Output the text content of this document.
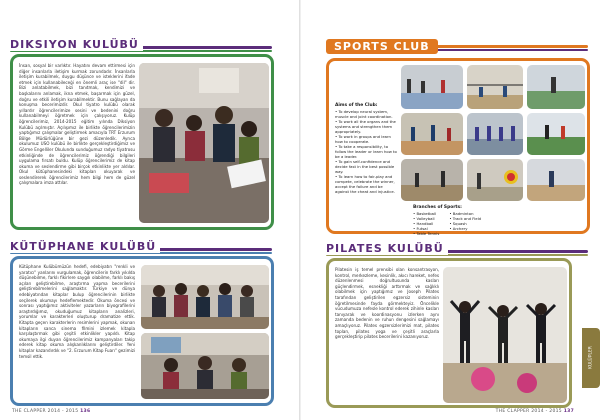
DIKSIYON KULÜBÜ
İnsan, sosyal bir varlıktır. Hayatını devam ettirmesi için diğer insanlarla iletişim kurmak zorundadır. İnsanlarla iletişim kurabilmek, duygu düşünce ve isteklerini ifade etmek için kullanabileceği en önemli araç ise "dil" dir. Bizi anlatabilmek, bizi tanıtmak, kendimizi ve başkalarını anlamak, ikna etmek, başarmak için güzel, doğru ve etkili iletişim kurabilmektir. Bunu sağlayan da konuşma becerimizdir. Okul tiyatro kulübü olarak yıllardır öğrencilerimize sesini ve bedenini doğru kullanabilmeyi öğretmek için çalışıyoruz. Kulüp öğrencilerimiz, 2014-2015 eğitim yılında Diksiyon Kulübü açılmıştır. Açılışımız ile birlikte öğrencilerimizin yaptığımız çalışmalar geliştirmek amacıyla TRT Erzurum Bölge Müdürlüğüne bir gezi düzenledik. Ayrıca okulumuz USO kulübü ile birlikte gerçekleştirdiğimiz ve Görme Engelliler Okulunda sunduğumuz radyo tiyatrosu etkinliğinde de öğrencilerimiz öğrendiği bilgileri uygulama fırsatı buldu. Kulüp öğrencilerimiz de kitap okuma ve seslendirme gibi birçok etkinlikte yer aldılar. Okul kütüphanesindeki kitapları okuyarak ve seslendirerek öğrencilerimiz hem bilgi hem de güzel çalışmalara imza attılar.
KÜTÜPHANE KULÜBÜ
Kütüphane Kulübümüzün hedefi, edebiyatın "renkli ve yaratıcı" yanlarını vurgulamak, öğrencilerin farklı yıkılda düşünebilme, farklı fikirlere saygılı olabilme, farklı bakış açıları geliştirebilme, araştırma yapma becerilerini geliştirebilmelerini sağlamaktır. Türkiye ve dünya edebiyatından kitaplar bulup öğrencilerinin birlikte seçilerek okumayı hedeflemektedir. Okuma öncesi ve sonrası yaptığımız aktiviteler yazarların biyografilerini araştırdığımız, okuduğumuz kitapların analizleri, yorumlar ve karakterleri oluşturup dramatize ettik. Kitapta geçen karakterlerin resimlerini yapmak, okunan kitapların sanca sinema filmini izlemek kitapla karşılaştırmak gibi çeşitli etkinlikler yapıldı. Kitap okumaya ilgi duyan öğrencilerimiz kampanyaları takip ederek kitap okuma alışkanlıklarını geliştirdiler. Yeni kitaplar kazandırdık ve "2. Erzurum Kitap Fuarı" gezimizi temsil ettik.
THE CLAPPER 2014 - 2015 136
SPORTS CLUB
Aims of the Club:
• To develop neural system, muscle and joint coordination.
• To work all the organs and the systems and strengthen them appropriately.
• To work in groups and learn how to cooperate.
• To take a responsibility, to follow the leader or learn how to be a leader.
• To gain self-confidence and decide fast in the best possible way.
• To learn how to fair-play and compete, celebrate the winner, accept the failure and be against the cheat and injustice.
Branches of Sports:
• Basketball
• Volleyball
• Handball
• Futsal
• Table Tennis
• Badminton
• Track and Field
• Squash
• Archery
PILATES KULÜBÜ
Pilatesin iş temel prensibi olan konsantrasyon, kontrol, merkezleme, kesinlik, akıcı hareket, nefes düzenlenmesi doğrultusunda kasları güçlendirmek, esnekliği arttırmak ve sağlıklı olabilmek için yaptığımız ve Joseph Pilates tarafından geliştirilen egzersiz sisteminin öğretilmesinde fayda görmekteyiz. Öncelikle vücudumuza nefesle kontrol ederek zihinle kasları tanıyarak ve koordinasyonu izlerken aynı zamanda bedenin ve ruhun dengesini sağlamayı amaçlıyoruz. Pilates egzersizlerimizi mat, pilates topları, pilates yoga ve çeşitli araçlarla gerçekleştirip pilates becerilerini kazanıyoruz.
KULÜPLER
THE CLAPPER 2014 - 2015 137
